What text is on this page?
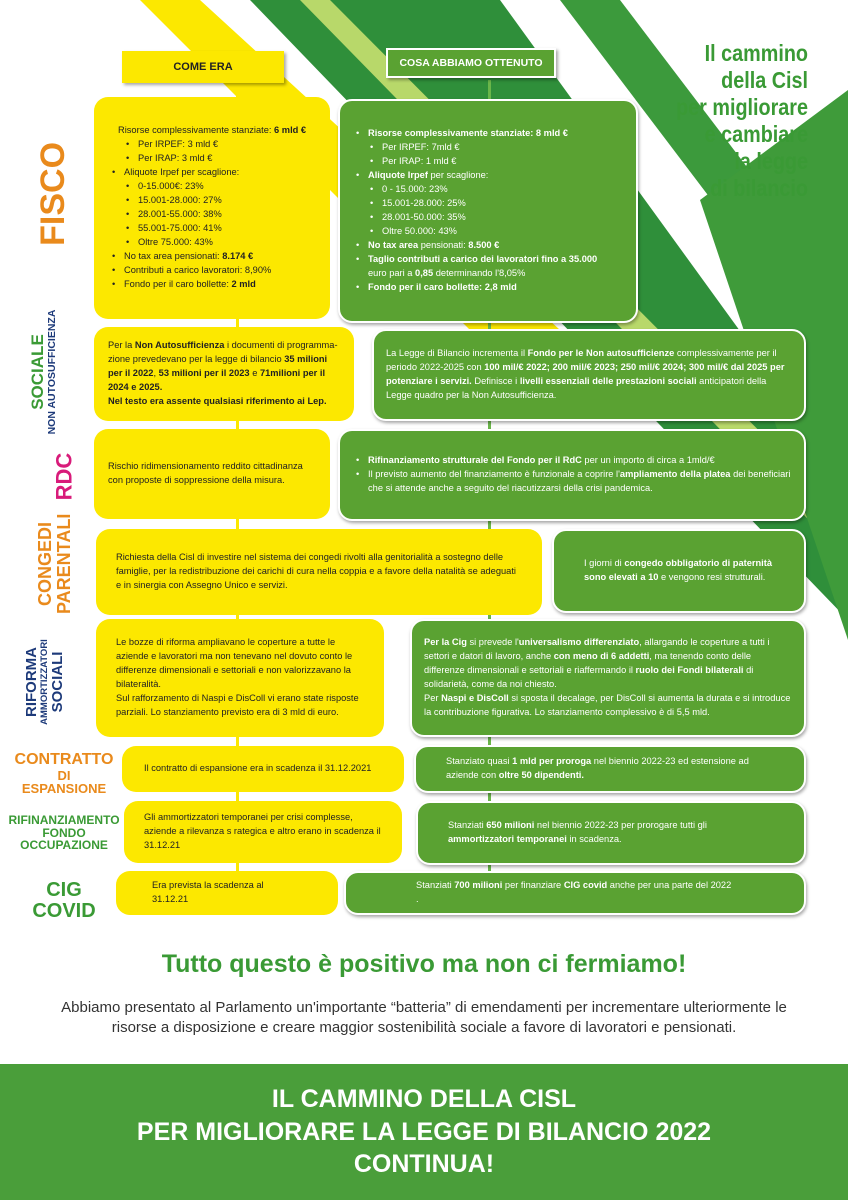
COME ERA	COSA ABBIAMO OTTENUTO	Il cammino
della Cisl
per migliorare
e cambiare
la legge
di bilancio
FISCO
SOCIALE
NON AUTOSUFFICIENZA
RDC
CONGEDI
PARENTALI
RIFORMA
AMMORTIZZATORI
SOCIALI
CONTRATTO
DI ESPANSIONE
RIFINANZIAMENTO
FONDO OCCUPAZIONE
CIG COVID

Risorse complessivamente stanziate: 6 mld €

• Per IRPEF: 3 mld €
• Per IRAP: 3 mld €
• Aliquote Irpef per scaglione:
• 0-15.000€: 23%
• 15.001-28.000: 27%
• 28.001-55.000: 38%
• 55.001-75.000: 41%
• Oltre 75.000: 43%
• No tax area pensionati: 8.174 €
• Contributi a carico lavoratori: 8,90%
• Fondo per il caro bollette: 2 mld
• Risorse complessivamente stanziate: 8 mld €
• Per IRPEF: 7mld €
• Per IRAP: 1 mld €
• Aliquote Irpef per scaglione:
• 0 - 15.000: 23%
• 15.001-28.000: 25%
• 28.001-50.000: 35%
• Oltre 50.000: 43%
• No tax area pensionati: 8.500 €
• Taglio contributi a carico dei lavoratori fino a 35.000
euro pari a 0,85 determinando l'8,05%
• Fondo per il caro bollette: 2,8 mld

Per la Non Autosufficienza i documenti di programma-zione prevedevano per la legge di bilancio 35 milioni per il 2022, 53 milioni per il 2023 e 71milioni per il 2024 e 2025.

Nel testo era assente qualsiasi riferimento ai Lep.

La Legge di Bilancio incrementa il Fondo per le Non autosufficienze complessivamente per il periodo 2022-2025 con 100 mil/€ 2022; 200 mil/€ 2023; 250 mil/€ 2024; 300 mil/€ dal 2025 per potenziare i servizi. Definisce i livelli essenziali delle prestazioni sociali anticipatori della Legge quadro per la Non Autosufficienza.

Rischio ridimensionamento reddito cittadinanza con proposte di soppressione della misura.

• Rifinanziamento strutturale del Fondo per il RdC per un importo di circa a 1mld/€
• Il previsto aumento del finanziamento è funzionale a coprire l'ampliamento della platea dei beneficiari che si attende anche a seguito del riacutizzarsi della crisi pandemica.

Richiesta della Cisl di investire nel sistema dei congedi rivolti alla genitorialità a sostegno delle famiglie, per la redistribuzione dei carichi di cura nella coppia e a favore della natalità se adeguati e in sinergia con Assegno Unico e servizi.

I giorni di congedo obbligatorio di paternità sono elevati a 10 e vengono resi strutturali.

Le bozze di riforma ampliavano le coperture a tutte le aziende e lavoratori ma non tenevano nel dovuto conto le differenze dimensionali e settoriali e non valorizzavano la bilateralità.

Sul rafforzamento di Naspi e DisColl vi erano state risposte parziali. Lo stanziamento previsto era di 3 mld di euro.

Per la Cig si prevede l'universalismo differenziato, allargando le coperture a tutti i settori e datori di lavoro, anche con meno di 6 addetti, ma tenendo conto delle differenze dimensionali e settoriali e riaffermando il ruolo dei Fondi bilaterali di solidarietà, come da noi chiesto.

Per Naspi e DisColl si sposta il decalage, per DisColl si aumenta la durata e si introduce la contribuzione figurativa. Lo stanziamento complessivo è di 5,5 mld.

Il contratto di espansione era in scadenza il 31.12.2021

Stanziato quasi 1 mld per proroga nel biennio 2022-23 ed estensione ad aziende con oltre 50 dipendenti.

Gli ammortizzatori temporanei per crisi complesse, aziende a rilevanza s rategica e altro erano in scadenza il 31.12.21

Stanziati 650 milioni nel biennio 2022-23 per prorogare tutti gli ammortizzatori temporanei in scadenza.

Era prevista la scadenza al 31.12.21

Stanziati 700 milioni per finanziare CIG covid anche per una parte del 2022 .

Tutto questo è positivo ma non ci fermiamo!
Abbiamo presentato al Parlamento un'importante “batteria” di emendamenti per incrementare ulteriormente le risorse a disposizione e creare maggior sostenibilità sociale a favore di lavoratori e pensionati.
IL CAMMINO DELLA CISL
PER MIGLIORARE LA LEGGE DI BILANCIO 2022
CONTINUA!
